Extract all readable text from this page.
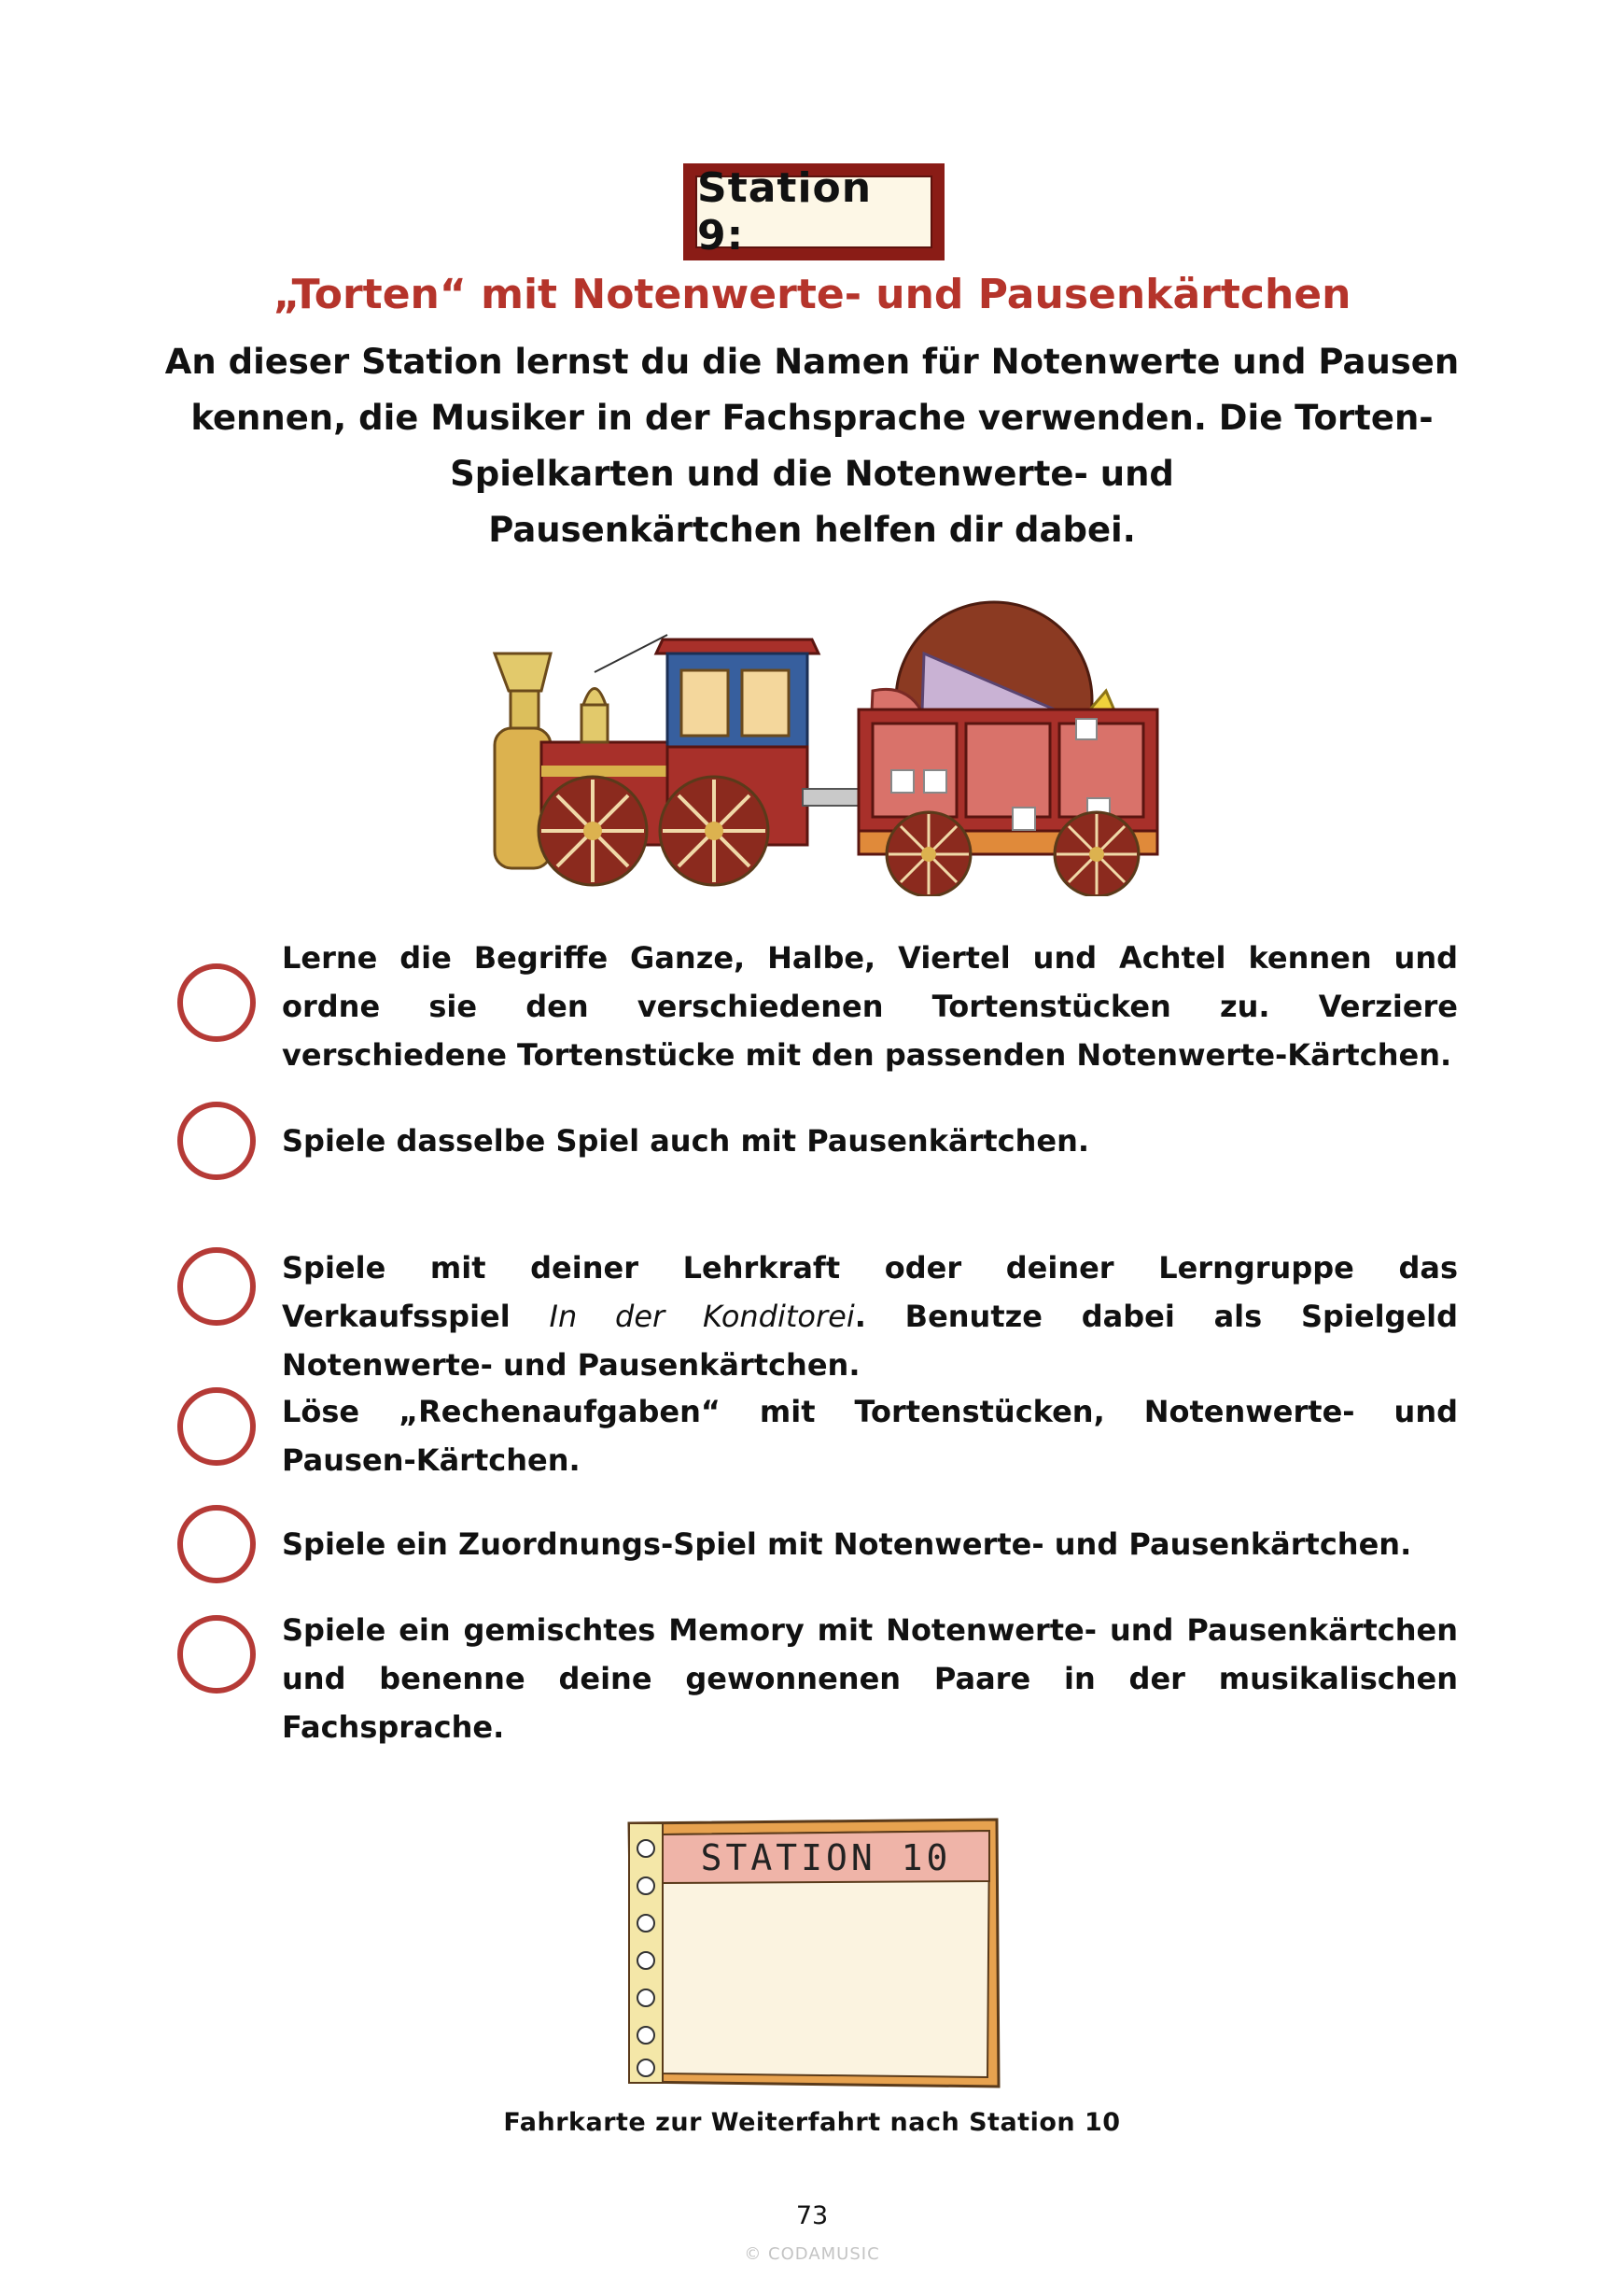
Station 9:
„Torten“ mit Notenwerte- und Pausenkärtchen

An dieser Station lernst du die Namen für Notenwerte und Pausen

kennen, die Musiker in der Fachsprache verwenden. Die Torten-

Spielkarten und die Notenwerte- und

Pausenkärtchen helfen dir dabei.

Lerne die Begriffe Ganze, Halbe, Viertel und Achtel kennen und ordne sie den verschiedenen Tortenstücken zu. Verziere verschiedene Tortenstücke mit den passenden Notenwerte-Kärtchen.
Spiele dasselbe Spiel auch mit Pausenkärtchen.
Spiele mit deiner Lehrkraft oder deiner Lerngruppe das Verkaufsspiel In der Konditorei. Benutze dabei als Spielgeld Notenwerte- und Pausenkärtchen.
Löse „Rechenaufgaben“ mit Tortenstücken, Notenwerte- und Pausen-Kärtchen.
Spiele ein Zuordnungs-Spiel mit Notenwerte- und Pausenkärtchen.
Spiele ein gemischtes Memory mit Notenwerte- und Pausenkärtchen und benenne deine gewonnenen Paare in der musikalischen Fachsprache.
STATION 10
Fahrkarte zur Weiterfahrt nach Station 10
73
© CODAMUSIC
